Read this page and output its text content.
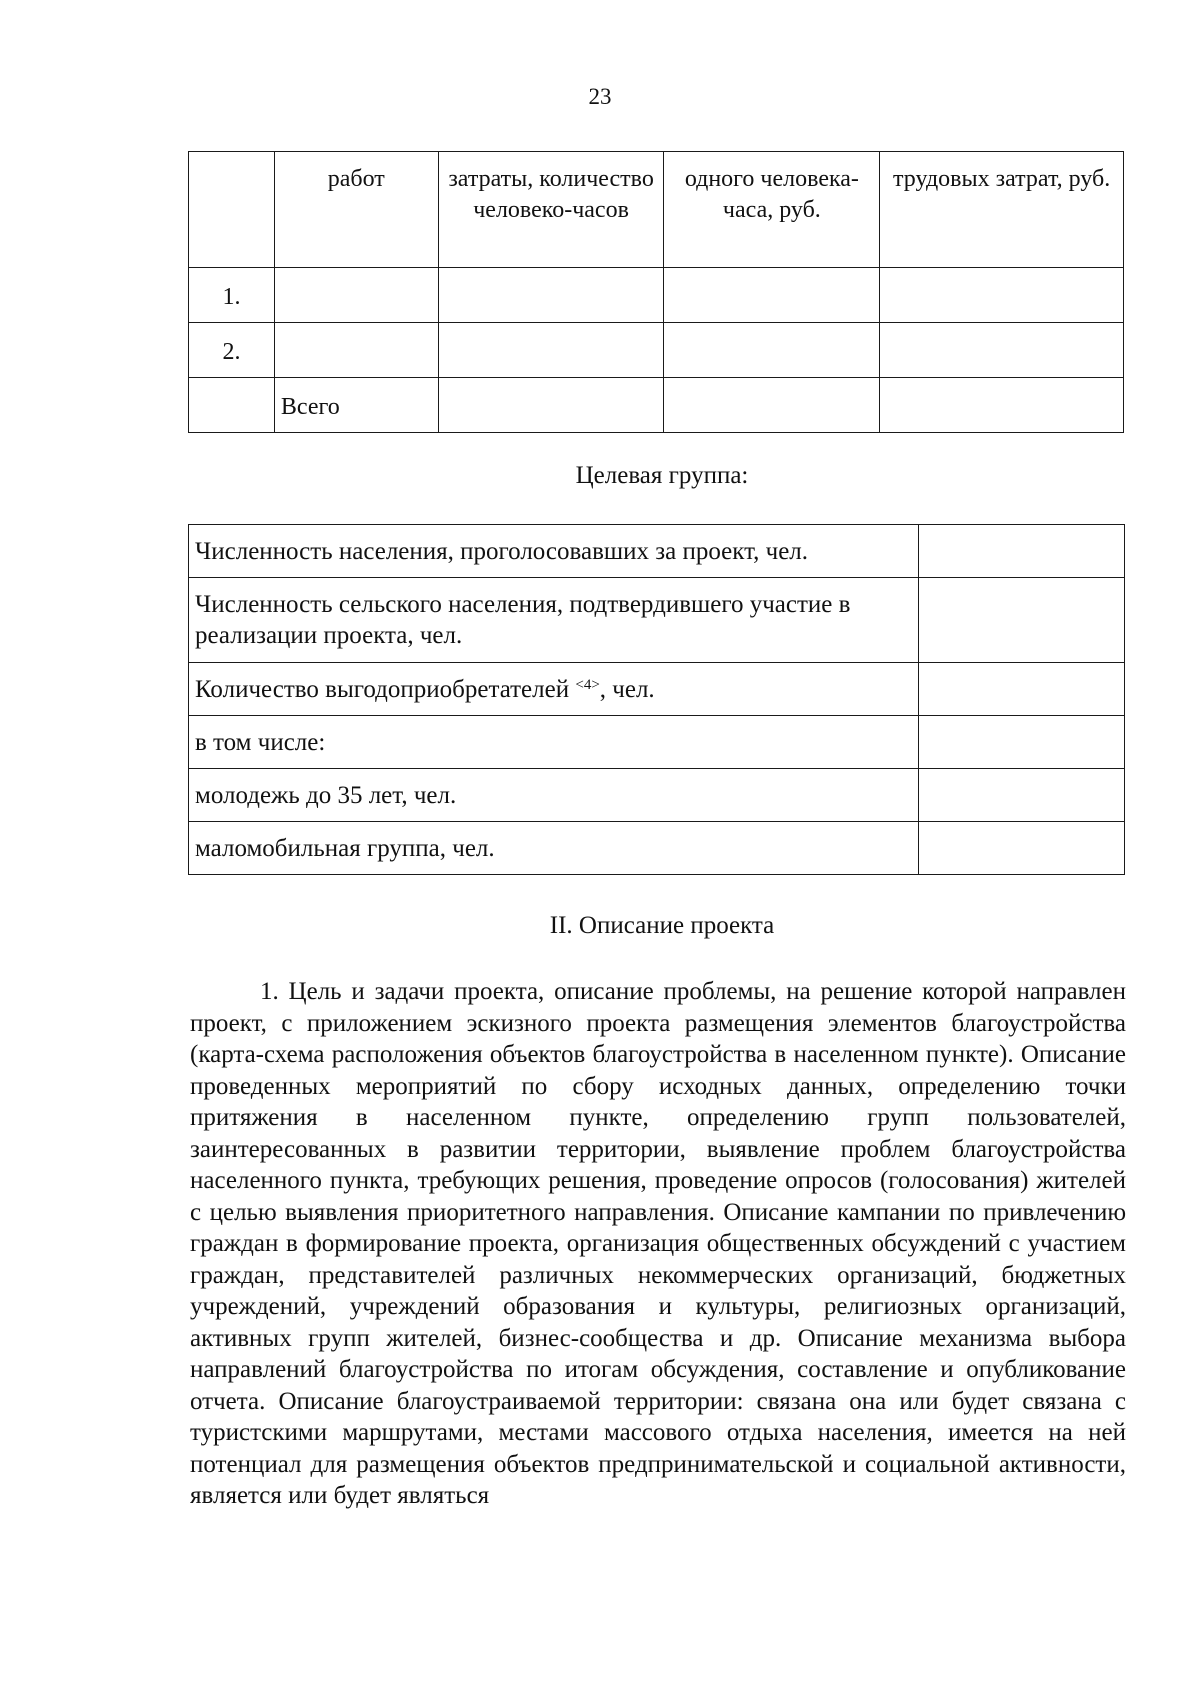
23
	работ	затраты, количество человеко-часов	одного человека-часа, руб.	трудовых затрат, руб.
1.				
2.				
	Всего			
Целевая группа:
Численность населения, проголосовавших за проект, чел.	
Численность сельского населения, подтвердившего участие в реализации проекта, чел.	
Количество выгодоприобретателей $^{<4>}$, чел.	
в том числе:	
молодежь до 35 лет, чел.	
маломобильная группа, чел.	
II. Описание проекта

1. Цель и задачи проекта, описание проблемы, на решение которой направлен проект, с приложением эскизного проекта размещения элементов благоустройства (карта-схема расположения объектов благоустройства в населенном пункте). Описание проведенных мероприятий по сбору исходных данных, определению точки притяжения в населенном пункте, определению групп пользователей, заинтересованных в развитии территории, выявление проблем благоустройства населенного пункта, требующих решения, проведение опросов (голосования) жителей с целью выявления приоритетного направления. Описание кампании по привлечению граждан в формирование проекта, организация общественных обсуждений с участием граждан, представителей различных некоммерческих организаций, бюджетных учреждений, учреждений образования и культуры, религиозных организаций, активных групп жителей, бизнес-сообщества и др. Описание механизма выбора направлений благоустройства по итогам обсуждения, составление и опубликование отчета. Описание благоустраиваемой территории: связана она или будет связана с туристскими маршрутами, местами массового отдыха населения, имеется на ней потенциал для размещения объектов предпринимательской и социальной активности, является или будет являться
